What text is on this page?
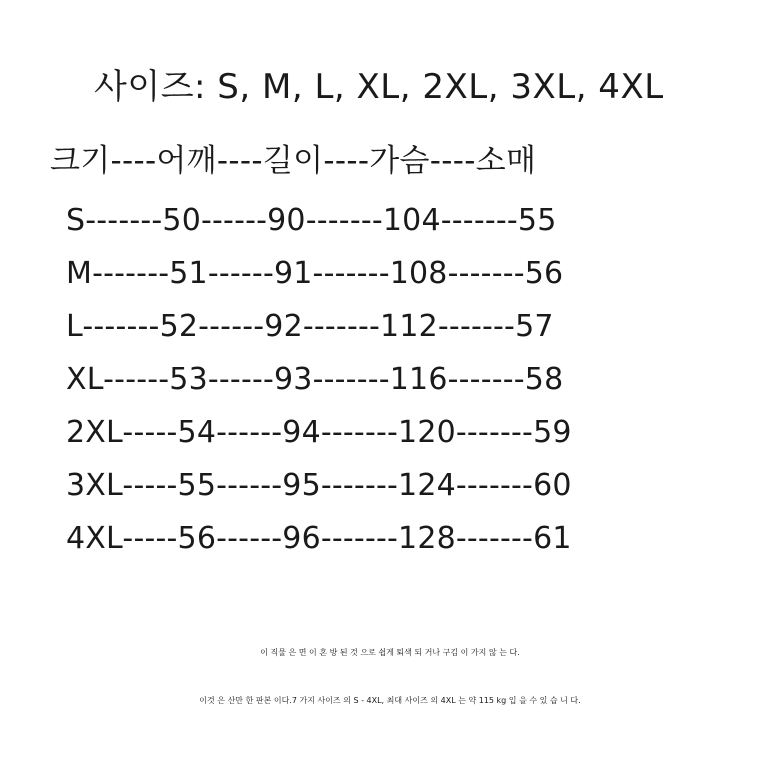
사이즈: S, M, L, XL, 2XL, 3XL, 4XL
크기----어깨----길이----가슴----소매
S-------50------90-------104-------55
M-------51------91-------108-------56
L-------52------92-------112-------57
XL------53------93-------116-------58
2XL-----54------94-------120-------59
3XL-----55------95-------124-------60
4XL-----56------96-------128-------61
이 직물 은 면 이 혼 방 된 것 으로 쉽게 퇴색 되 거나 구김 이 가지 않 는 다.
이것 은 산만 한 판본 이다.7 가지 사이즈 의 S - 4XL, 최대 사이즈 의 4XL 는 약 115 kg 입 을 수 있 습 니 다.
